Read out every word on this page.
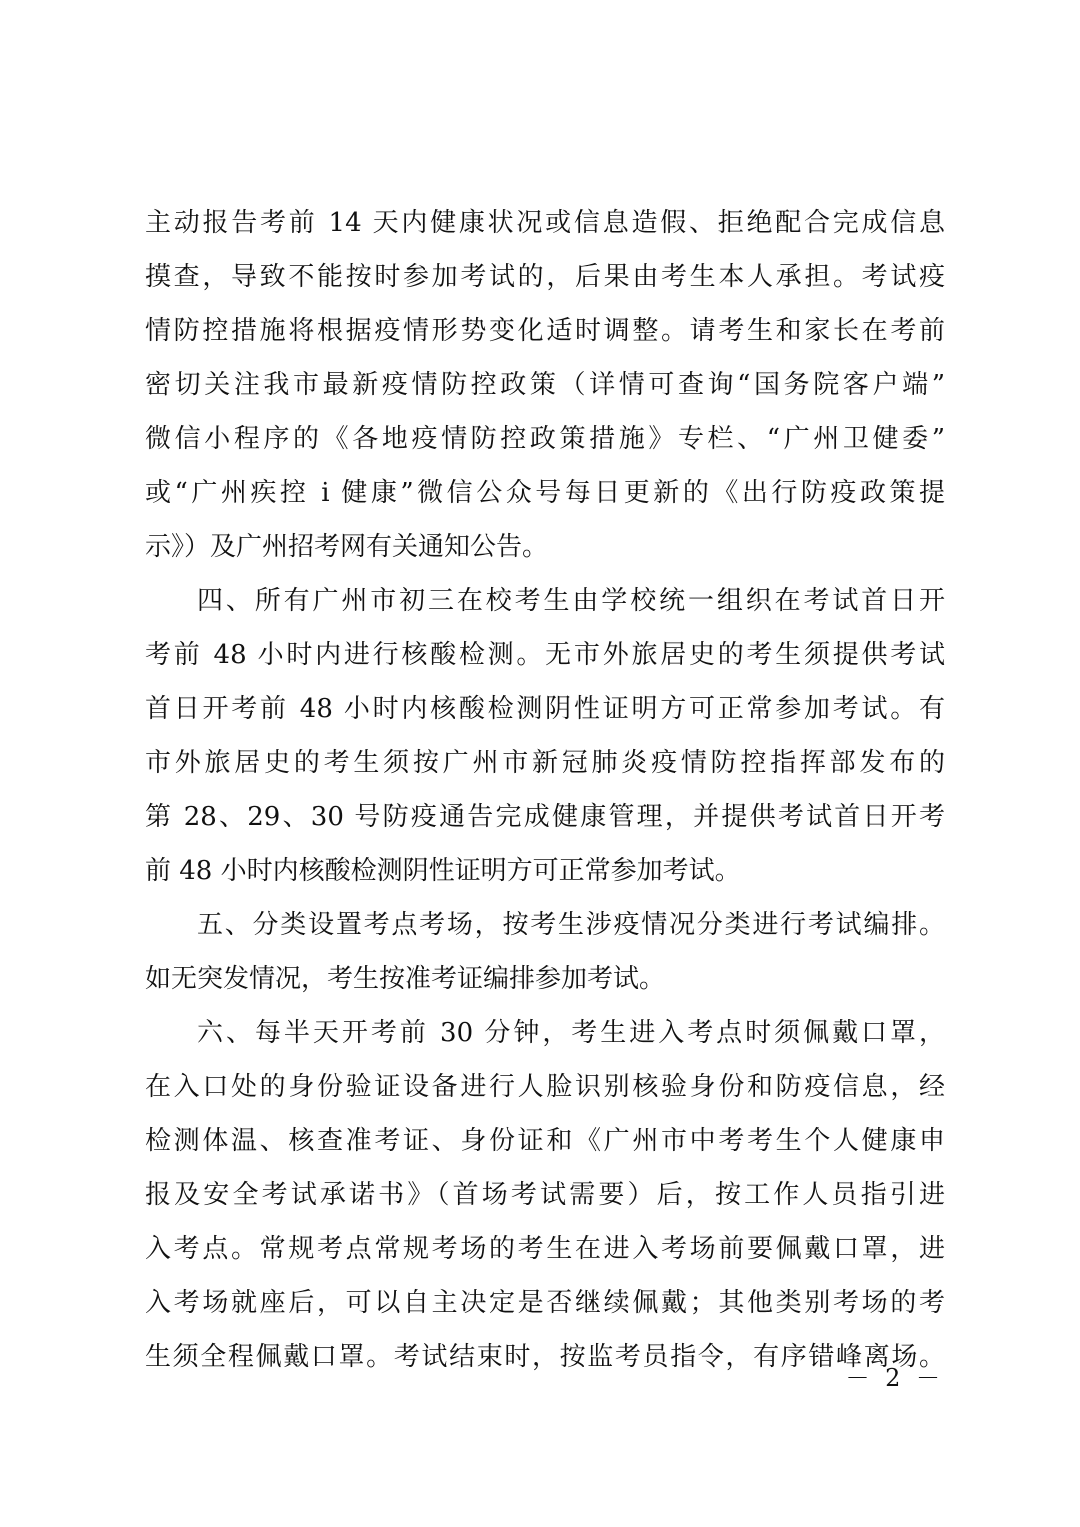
主动报告考前 14 天内健康状况或信息造假、拒绝配合完成信息
摸查，导致不能按时参加考试的，后果由考生本人承担。考试疫
情防控措施将根据疫情形势变化适时调整。请考生和家长在考前
密切关注我市最新疫情防控政策（详情可查询“国务院客户端”
微信小程序的《各地疫情防控政策措施》专栏、“广州卫健委”
或“广州疾控 i 健康”微信公众号每日更新的《出行防疫政策提
示》）及广州招考网有关通知公告。
四、所有广州市初三在校考生由学校统一组织在考试首日开
考前 48 小时内进行核酸检测。无市外旅居史的考生须提供考试
首日开考前 48 小时内核酸检测阴性证明方可正常参加考试。有
市外旅居史的考生须按广州市新冠肺炎疫情防控指挥部发布的
第 28、29、30 号防疫通告完成健康管理，并提供考试首日开考
前 48 小时内核酸检测阴性证明方可正常参加考试。
五、分类设置考点考场，按考生涉疫情况分类进行考试编排。
如无突发情况，考生按准考证编排参加考试。
六、每半天开考前 30 分钟，考生进入考点时须佩戴口罩，
在入口处的身份验证设备进行人脸识别核验身份和防疫信息，经
检测体温、核查准考证、身份证和《广州市中考考生个人健康申
报及安全考试承诺书》（首场考试需要）后，按工作人员指引进
入考点。常规考点常规考场的考生在进入考场前要佩戴口罩，进
入考场就座后，可以自主决定是否继续佩戴；其他类别考场的考
生须全程佩戴口罩。考试结束时，按监考员指令，有序错峰离场。
－ 2 －
